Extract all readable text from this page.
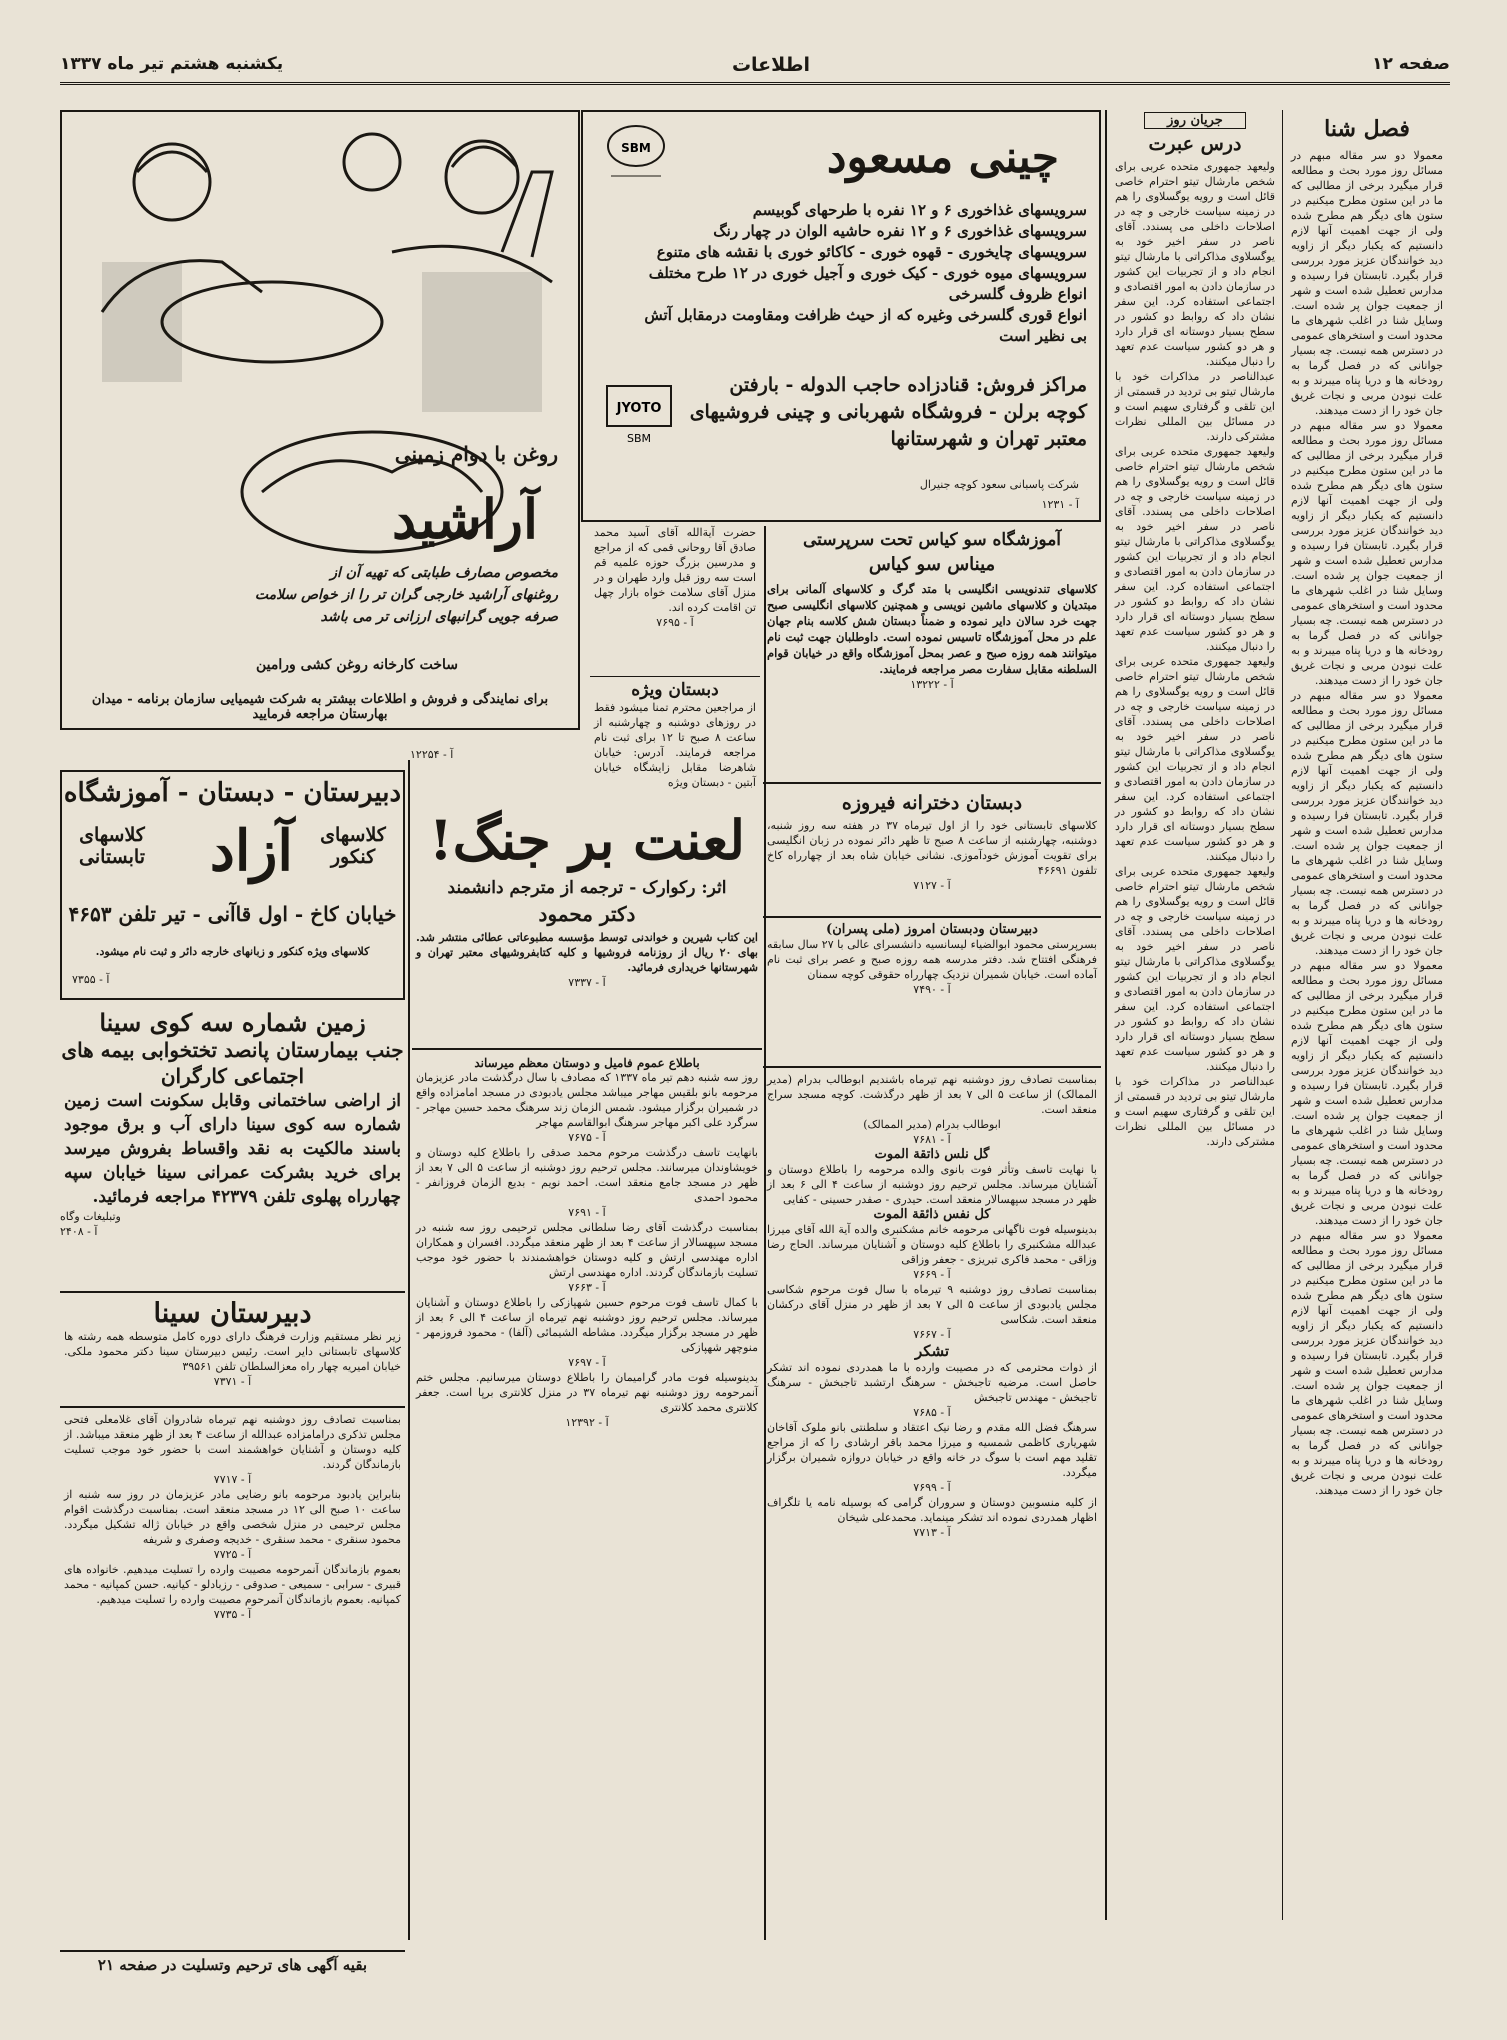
صفحه ۱۲
اطلاعات
یکشنبه هشتم تیر ماه ۱۳۳۷
فصل شنا

معمولا دو سر مقاله مبهم در مسائل روز مورد بحث و مطالعه قرار میگیرد برخی از مطالبی که ما در این ستون مطرح میکنیم در ستون های دیگر هم مطرح شده ولی از جهت اهمیت آنها لازم دانستیم که یکبار دیگر از زاویه دید خوانندگان عزیز مورد بررسی قرار بگیرد. تابستان فرا رسیده و مدارس تعطیل شده است و شهر از جمعیت جوان پر شده است. وسایل شنا در اغلب شهرهای ما محدود است و استخرهای عمومی در دسترس همه نیست. چه بسیار جوانانی که در فصل گرما به رودخانه ها و دریا پناه میبرند و به علت نبودن مربی و نجات غریق جان خود را از دست میدهند.

معمولا دو سر مقاله مبهم در مسائل روز مورد بحث و مطالعه قرار میگیرد برخی از مطالبی که ما در این ستون مطرح میکنیم در ستون های دیگر هم مطرح شده ولی از جهت اهمیت آنها لازم دانستیم که یکبار دیگر از زاویه دید خوانندگان عزیز مورد بررسی قرار بگیرد. تابستان فرا رسیده و مدارس تعطیل شده است و شهر از جمعیت جوان پر شده است. وسایل شنا در اغلب شهرهای ما محدود است و استخرهای عمومی در دسترس همه نیست. چه بسیار جوانانی که در فصل گرما به رودخانه ها و دریا پناه میبرند و به علت نبودن مربی و نجات غریق جان خود را از دست میدهند.

معمولا دو سر مقاله مبهم در مسائل روز مورد بحث و مطالعه قرار میگیرد برخی از مطالبی که ما در این ستون مطرح میکنیم در ستون های دیگر هم مطرح شده ولی از جهت اهمیت آنها لازم دانستیم که یکبار دیگر از زاویه دید خوانندگان عزیز مورد بررسی قرار بگیرد. تابستان فرا رسیده و مدارس تعطیل شده است و شهر از جمعیت جوان پر شده است. وسایل شنا در اغلب شهرهای ما محدود است و استخرهای عمومی در دسترس همه نیست. چه بسیار جوانانی که در فصل گرما به رودخانه ها و دریا پناه میبرند و به علت نبودن مربی و نجات غریق جان خود را از دست میدهند.

معمولا دو سر مقاله مبهم در مسائل روز مورد بحث و مطالعه قرار میگیرد برخی از مطالبی که ما در این ستون مطرح میکنیم در ستون های دیگر هم مطرح شده ولی از جهت اهمیت آنها لازم دانستیم که یکبار دیگر از زاویه دید خوانندگان عزیز مورد بررسی قرار بگیرد. تابستان فرا رسیده و مدارس تعطیل شده است و شهر از جمعیت جوان پر شده است. وسایل شنا در اغلب شهرهای ما محدود است و استخرهای عمومی در دسترس همه نیست. چه بسیار جوانانی که در فصل گرما به رودخانه ها و دریا پناه میبرند و به علت نبودن مربی و نجات غریق جان خود را از دست میدهند.

معمولا دو سر مقاله مبهم در مسائل روز مورد بحث و مطالعه قرار میگیرد برخی از مطالبی که ما در این ستون مطرح میکنیم در ستون های دیگر هم مطرح شده ولی از جهت اهمیت آنها لازم دانستیم که یکبار دیگر از زاویه دید خوانندگان عزیز مورد بررسی قرار بگیرد. تابستان فرا رسیده و مدارس تعطیل شده است و شهر از جمعیت جوان پر شده است. وسایل شنا در اغلب شهرهای ما محدود است و استخرهای عمومی در دسترس همه نیست. چه بسیار جوانانی که در فصل گرما به رودخانه ها و دریا پناه میبرند و به علت نبودن مربی و نجات غریق جان خود را از دست میدهند.

جریان روز
درس عبرت

ولیعهد جمهوری متحده عربی برای شخص مارشال تیتو احترام خاصی قائل است و رویه یوگسلاوی را هم در زمینه سیاست خارجی و چه در اصلاحات داخلی می پسندد. آقای ناصر در سفر اخیر خود به یوگسلاوی مذاکراتی با مارشال تیتو انجام داد و از تجربیات این کشور در سازمان دادن به امور اقتصادی و اجتماعی استفاده کرد. این سفر نشان داد که روابط دو کشور در سطح بسیار دوستانه ای قرار دارد و هر دو کشور سیاست عدم تعهد را دنبال میکنند.

عبدالناصر در مذاکرات خود با مارشال تیتو بی تردید در قسمتی از این تلقی و گرفتاری سهیم است و در مسائل بین المللی نظرات مشترکی دارند.

ولیعهد جمهوری متحده عربی برای شخص مارشال تیتو احترام خاصی قائل است و رویه یوگسلاوی را هم در زمینه سیاست خارجی و چه در اصلاحات داخلی می پسندد. آقای ناصر در سفر اخیر خود به یوگسلاوی مذاکراتی با مارشال تیتو انجام داد و از تجربیات این کشور در سازمان دادن به امور اقتصادی و اجتماعی استفاده کرد. این سفر نشان داد که روابط دو کشور در سطح بسیار دوستانه ای قرار دارد و هر دو کشور سیاست عدم تعهد را دنبال میکنند.

ولیعهد جمهوری متحده عربی برای شخص مارشال تیتو احترام خاصی قائل است و رویه یوگسلاوی را هم در زمینه سیاست خارجی و چه در اصلاحات داخلی می پسندد. آقای ناصر در سفر اخیر خود به یوگسلاوی مذاکراتی با مارشال تیتو انجام داد و از تجربیات این کشور در سازمان دادن به امور اقتصادی و اجتماعی استفاده کرد. این سفر نشان داد که روابط دو کشور در سطح بسیار دوستانه ای قرار دارد و هر دو کشور سیاست عدم تعهد را دنبال میکنند.

ولیعهد جمهوری متحده عربی برای شخص مارشال تیتو احترام خاصی قائل است و رویه یوگسلاوی را هم در زمینه سیاست خارجی و چه در اصلاحات داخلی می پسندد. آقای ناصر در سفر اخیر خود به یوگسلاوی مذاکراتی با مارشال تیتو انجام داد و از تجربیات این کشور در سازمان دادن به امور اقتصادی و اجتماعی استفاده کرد. این سفر نشان داد که روابط دو کشور در سطح بسیار دوستانه ای قرار دارد و هر دو کشور سیاست عدم تعهد را دنبال میکنند.

عبدالناصر در مذاکرات خود با مارشال تیتو بی تردید در قسمتی از این تلقی و گرفتاری سهیم است و در مسائل بین المللی نظرات مشترکی دارند.

SBM	چینی مسعود
سرویسهای غذاخوری ۶ و ۱۲ نفره با طرحهای گوبیسم
سرویسهای غذاخوری ۶ و ۱۲ نفره حاشیه الوان در چهار رنگ
سرویسهای چایخوری - قهوه خوری - کاکائو خوری با نقشه های متنوع
سرویسهای میوه خوری - کیک خوری و آجیل خوری در ۱۲ طرح مختلف
انواع ظروف گلسرخی
انواع قوری گلسرخی وغیره که از حیث ظرافت ومقاومت درمقابل آتش
بی نظیر است
مراکز فروش: قنادزاده حاجب الدوله - بارفتن
کوچه برلن - فروشگاه شهربانی و چینی فروشیهای
معتبر تهران و شهرستانها
JYOTO
SBM
شرکت پاسبانی سعود کوچه جنیرال
آ - ۱۲۳۱
روغن با دوام زمینی
آراشید
مخصوص مصارف طبابتی که تهیه آن از
روغنهای آراشید خارجی گران تر را از خواص سلامت
صرفه جویی گرانبهای ارزانی تر می باشد
ساخت کارخانه روغن کشی ورامین
برای نمایندگی و فروش و اطلاعات بیشتر به شرکت شیمیایی سازمان برنامه - میدان بهارستان مراجعه فرمایید

حضرت آیةالله آقای آسید محمد صادق آقا روحانی قمی که از مراجع و مدرسین بزرگ حوزه علمیه قم است سه روز قبل وارد طهران و در منزل آقای سلامت خواه بازار چهل تن اقامت کرده اند.

آ - ۷۶۹۵
دبستان ویژه

از مراجعین محترم تمنا میشود فقط در روزهای دوشنبه و چهارشنبه از ساعت ۸ صبح تا ۱۲ برای ثبت نام مراجعه فرمایند. آدرس: خیابان شاهرضا مقابل زایشگاه خیابان آبتین - دبستان ویژه

آ - ۱۲۲۵۴
آموزشگاه سو کیاس تحت سرپرستی
میناس سو کیاس

کلاسهای تندنویسی انگلیسی با متد گرگ و کلاسهای آلمانی برای مبتدیان و کلاسهای ماشین نویسی و همچنین کلاسهای انگلیسی صبح جهت خرد سالان دایر نموده و ضمناً دبستان شش کلاسه بنام جهان علم در محل آموزشگاه تاسیس نموده است. داوطلبان جهت ثبت نام میتوانند همه روزه صبح و عصر بمحل آموزشگاه واقع در خیابان قوام السلطنه مقابل سفارت مصر مراجعه فرمایند.

آ - ۱۳۲۲۲
دبستان دخترانه فیروزه

کلاسهای تابستانی خود را از اول تیرماه ۳۷ در هفته سه روز شنبه، دوشنبه، چهارشنبه از ساعت ۸ صبح تا ظهر دائر نموده در زبان انگلیسی برای تقویت آموزش خودآموزی. نشانی خیابان شاه بعد از چهارراه کاخ تلفون ۴۶۶۹۱

آ - ۷۱۲۷
دبیرستان - دبستان - آموزشگاه
کلاسهای کنکور
آزاد
کلاسهای تابستانی
خیابان کاخ - اول قاآنی - تیر تلفن ۴۶۵۳
کلاسهای ویژه کنکور و زبانهای خارجه دائر و ثبت نام میشود.
آ - ۷۳۵۵
لعنت بر جنگ!
اثر: رکوارک - ترجمه از مترجم دانشمند
دکتر محمود

این کتاب شیرین و خواندنی توسط مؤسسه مطبوعاتی عطائی منتشر شد. بهای ۲۰ ریال از روزنامه فروشیها و کلیه کتابفروشیهای معتبر تهران و شهرستانها خریداری فرمائید.

آ - ۷۳۳۷
دبیرستان ودبستان امروز (ملی پسران)

بسرپرستی محمود ابوالضیاء لیسانسیه دانشسرای عالی با ۲۷ سال سابقه فرهنگی افتتاح شد. دفتر مدرسه همه روزه صبح و عصر برای ثبت نام آماده است. خیابان شمیران نزدیک چهارراه حقوقی کوچه سمنان

آ - ۷۴۹۰
زمین شماره سه کوی سینا
جنب بیمارستان پانصد تختخوابی بیمه های اجتماعی کارگران

از اراضی ساختمانی وقابل سکونت است زمین شماره سه کوی سینا دارای آب و برق موجود باسند مالکیت به نقد واقساط بفروش میرسد برای خرید بشرکت عمرانی سینا خیابان سپه چهارراه پهلوی تلفن ۴۲۳۷۹ مراجعه فرمائید.

وتبلیغات وگاه
آ - ۲۴۰۸
دبیرستان سینا

زیر نظر مستقیم وزارت فرهنگ دارای دوره کامل متوسطه همه رشته ها کلاسهای تابستانی دایر است. رئیس دبیرستان سینا دکتر محمود ملکی. خیابان امیریه چهار راه معزالسلطان تلفن ۳۹۵۶۱

آ - ۷۳۷۱

بمناسبت تصادف روز دوشنبه نهم تیرماه شادروان آقای غلامعلی فتحی مجلس تذکری درامامزاده عبدالله از ساعت ۴ بعد از ظهر منعقد میباشد. از کلیه دوستان و آشنایان خواهشمند است با حضور خود موجب تسلیت بازماندگان گردند.

آ - ۷۷۱۷

بنابراین یادبود مرحومه بانو رضایی مادر عزیزمان در روز سه شنبه از ساعت ۱۰ صبح الی ۱۲ در مسجد منعقد است. بمناسبت درگذشت اقوام مجلس ترحیمی در منزل شخصی واقع در خیابان ژاله تشکیل میگردد. محمود سنقری - محمد سنقری - خدیجه وصفری و شریفه

آ - ۷۷۲۵

بعموم بازماندگان آنمرحومه مصیبت وارده را تسلیت میدهیم. خانواده های قبیری - سرابی - سمیعی - صدوقی - رزبادلو - کیانیه. حسن کمپانیه - محمد کمپانیه. بعموم بازماندگان آنمرحوم مصیبت وارده را تسلیت میدهیم.

آ - ۷۷۳۵
بقیه آگهی های ترحیم وتسلیت در صفحه ۲۱
باطلاع عموم فامیل و دوستان معظم میرساند

روز سه شنبه دهم تیر ماه ۱۳۳۷ که مصادف با سال درگذشت مادر عزیزمان مرحومه بانو بلقیس مهاجر میباشد مجلس یادبودی در مسجد امامزاده واقع در شمیران برگزار میشود. شمس الزمان زند سرهنگ محمد حسین مهاجر - سرگرد علی اکبر مهاجر سرهنگ ابوالقاسم مهاجر

آ - ۷۶۷۵

بانهایت تاسف درگذشت مرحوم محمد صدقی را باطلاع کلیه دوستان و خویشاوندان میرسانند. مجلس ترحیم روز دوشنبه از ساعت ۵ الی ۷ بعد از ظهر در مسجد جامع منعقد است. احمد نویم - بدیع الزمان فروزانفر - محمود احمدی

آ - ۷۶۹۱

بمناسبت درگذشت آقای رضا سلطانی مجلس ترحیمی روز سه شنبه در مسجد سپهسالار از ساعت ۴ بعد از ظهر منعقد میگردد. افسران و همکاران اداره مهندسی ارتش و کلیه دوستان خواهشمندند با حضور خود موجب تسلیت بازماندگان گردند. اداره مهندسی ارتش

آ - ۷۶۶۳

با کمال تاسف فوت مرحوم حسین شهپازکی را باطلاع دوستان و آشنایان میرساند. مجلس ترحیم روز دوشنبه نهم تیرماه از ساعت ۴ الی ۶ بعد از ظهر در مسجد برگزار میگردد. مشاطه الشیمائی (آلفا) - محمود فروزمهر - منوچهر شهپازکی

آ - ۷۶۹۷

بدینوسیله فوت مادر گرامیمان را باطلاع دوستان میرسانیم. مجلس ختم آنمرحومه روز دوشنبه نهم تیرماه ۳۷ در منزل کلانتری برپا است. جعفر کلانتری محمد کلانتری

آ - ۱۲۳۹۲

بمناسبت تصادف روز دوشنبه نهم تیرماه باشندیم ابوطالب بدرام (مدیر الممالک) از ساعت ۵ الی ۷ بعد از ظهر درگذشت. کوچه مسجد سراج منعقد است.

ابوطالب بدرام (مدیر الممالک)
آ - ۷۶۸۱
گل نلس ذاتقة الموت

با نهایت تاسف وتأثر فوت بانوی والده مرحومه را باطلاع دوستان و آشنایان میرساند. مجلس ترحیم روز دوشنبه از ساعت ۴ الی ۶ بعد از ظهر در مسجد سپهسالار منعقد است. حیدری - صفدر حسینی - کفایی

کل نفس ذائقة الموت

بدینوسیله فوت ناگهانی مرحومه خانم مشکنبری والده آیة الله آقای میرزا عبدالله مشکنبری را باطلاع کلیه دوستان و آشنایان میرساند. الحاج رضا وزاقی - محمد فاکری تبریزی - جعفر وزاقی

آ - ۷۶۶۹

بمناسبت تصادف روز دوشنبه ۹ تیرماه با سال فوت مرحوم شکاسی مجلس یادبودی از ساعت ۵ الی ۷ بعد از ظهر در منزل آقای درکشان منعقد است. شکاسی

آ - ۷۶۶۷
تشکر

از ذوات محترمی که در مصیبت وارده با ما همدردی نموده اند تشکر حاصل است. مرضیه تاجبخش - سرهنگ ارتشبد تاجبخش - سرهنگ تاجبخش - مهندس تاجبخش

آ - ۷۶۸۵

سرهنگ فضل الله مقدم و رضا نیک اعتقاد و سلطنتی بانو ملوک آقاخان شهریاری کاظمی شمسیه و میرزا محمد باقر ارشادی را که از مراجع تقلید مهم است با سوگ در خانه واقع در خیابان دروازه شمیران برگزار میگردد.

آ - ۷۶۹۹

از کلیه منسوبین دوستان و سروران گرامی که بوسیله نامه یا تلگراف اظهار همدردی نموده اند تشکر مینماید. محمدعلی شیخان

آ - ۷۷۱۳
